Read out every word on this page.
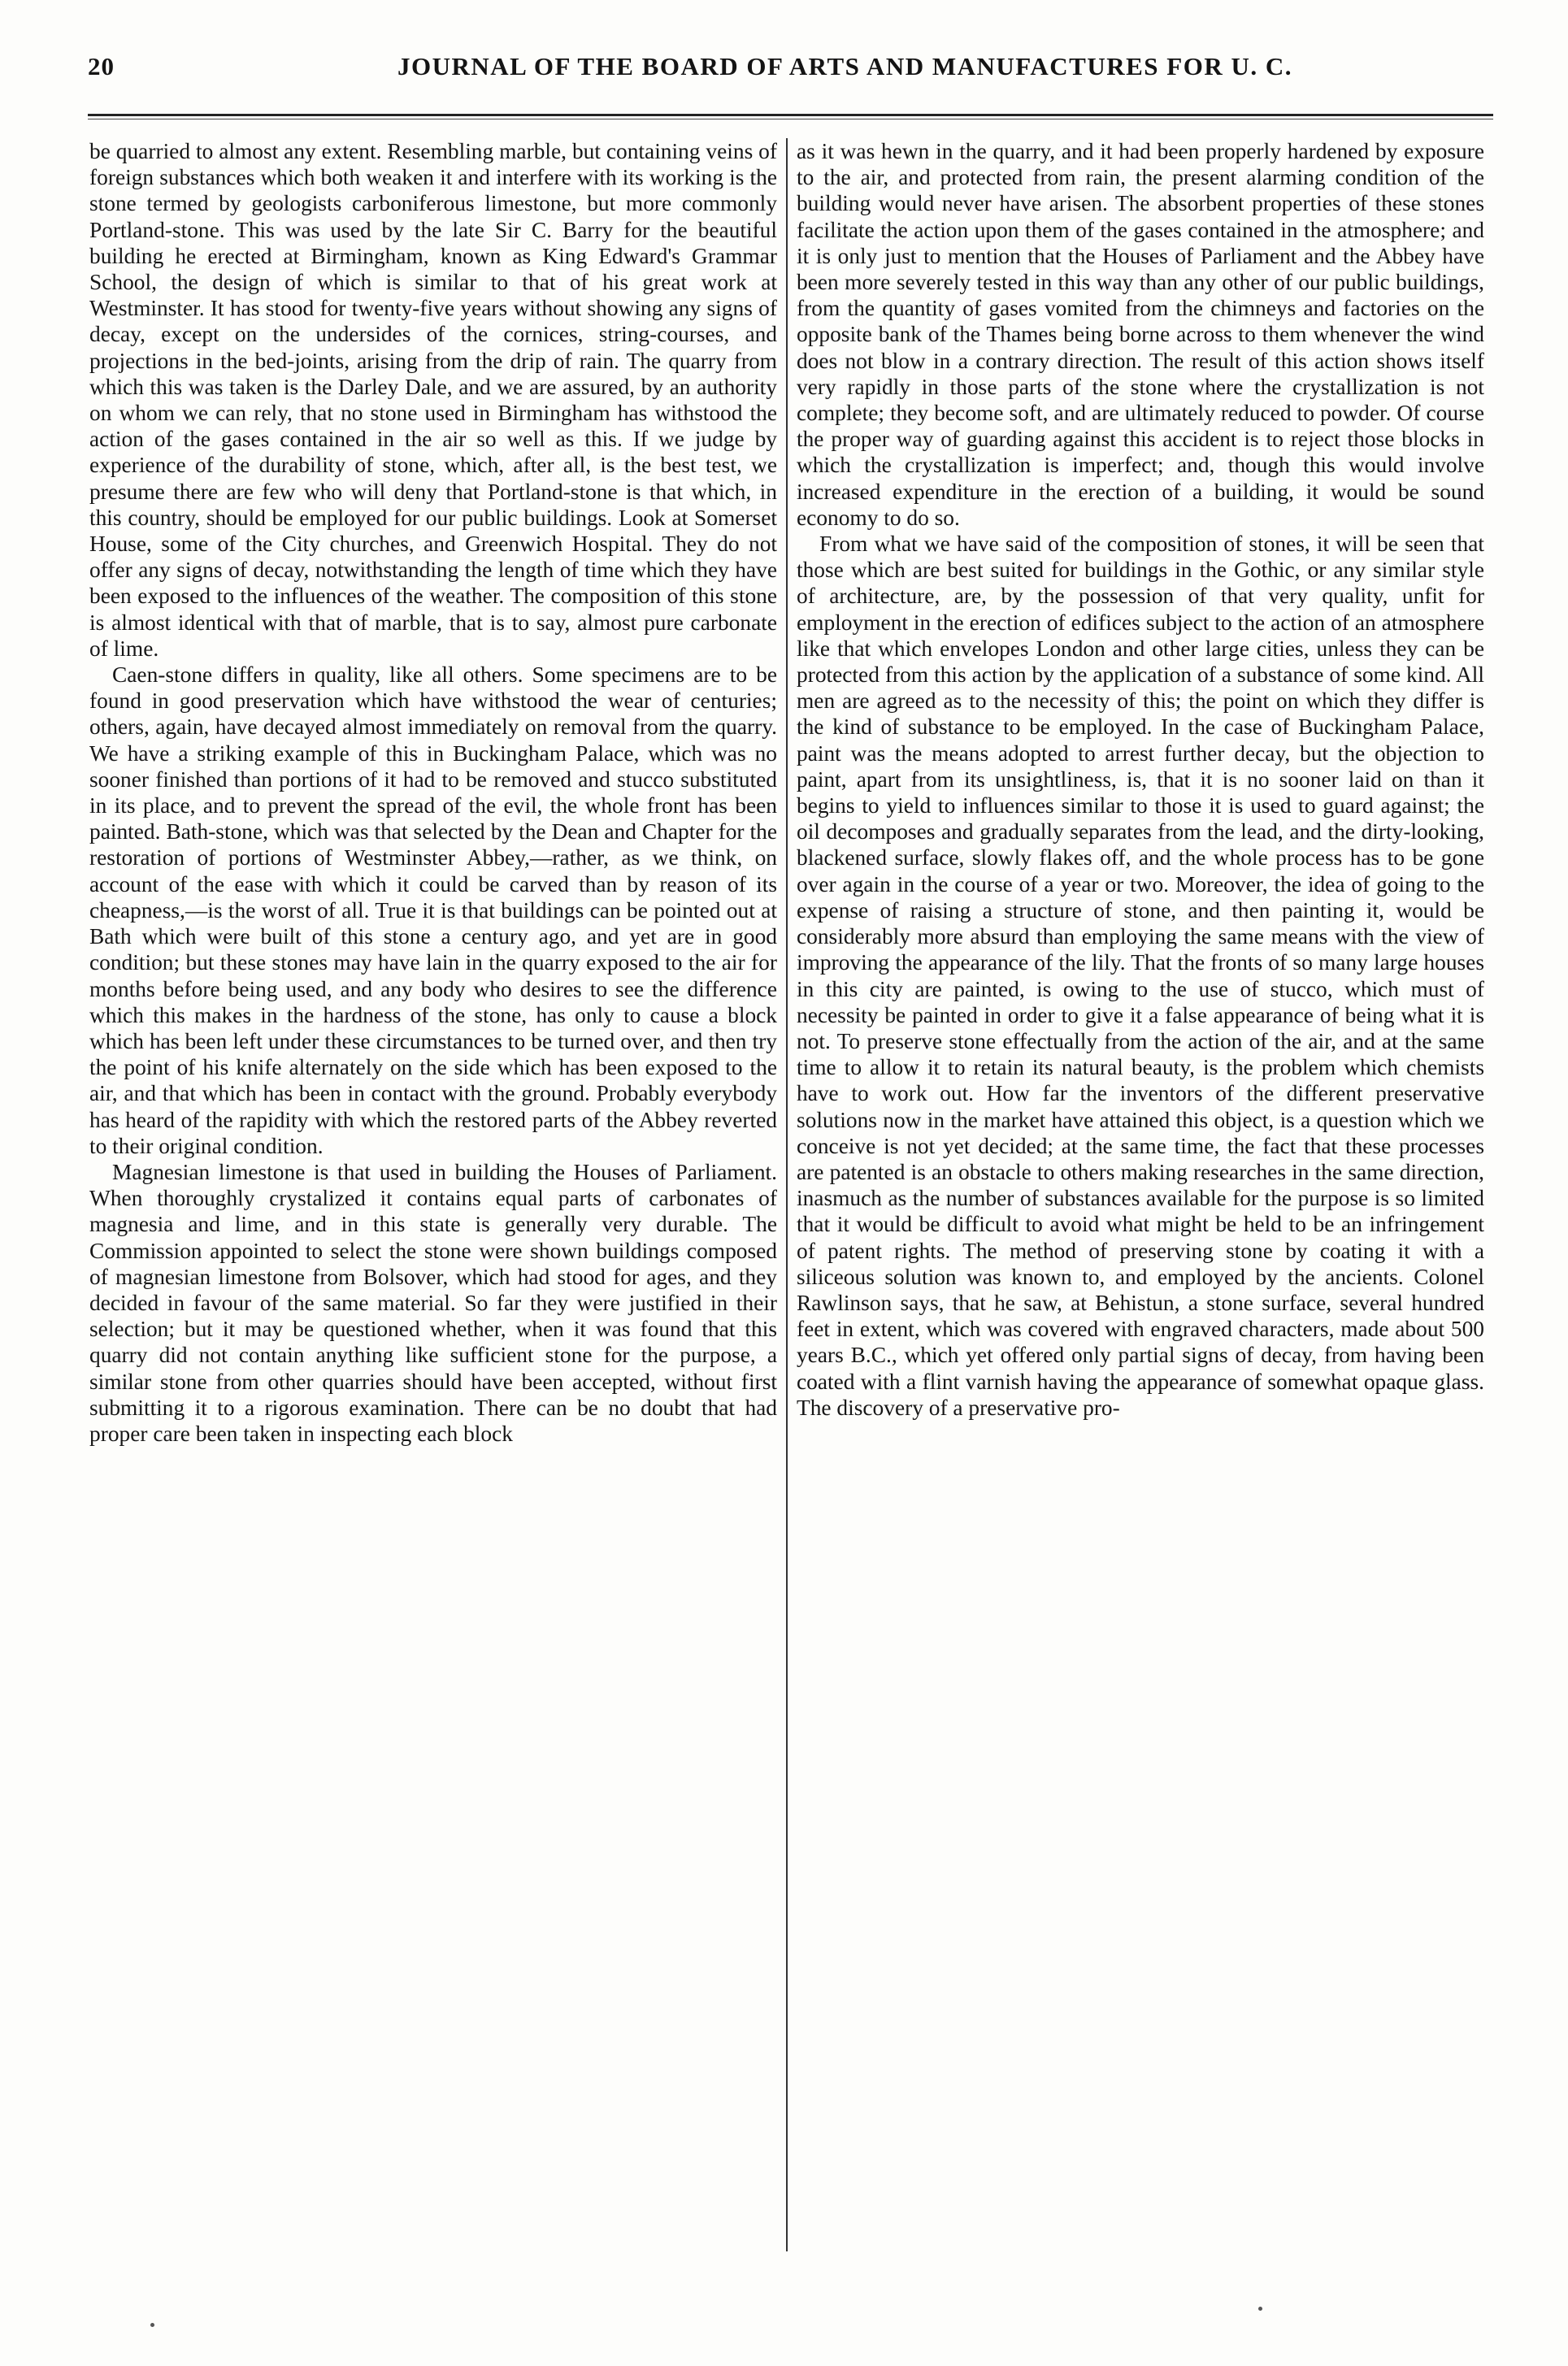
20	JOURNAL OF THE BOARD OF ARTS AND MANUFACTURES FOR U. C.

be quarried to almost any extent. Resembling marble, but containing veins of foreign substances which both weaken it and interfere with its working is the stone termed by geologists carboniferous limestone, but more commonly Portland-stone. This was used by the late Sir C. Barry for the beautiful building he erected at Birmingham, known as King Edward's Grammar School, the design of which is similar to that of his great work at Westminster. It has stood for twenty-five years without showing any signs of decay, except on the undersides of the cornices, string-courses, and projections in the bed-joints, arising from the drip of rain. The quarry from which this was taken is the Darley Dale, and we are assured, by an authority on whom we can rely, that no stone used in Birmingham has withstood the action of the gases contained in the air so well as this. If we judge by experience of the durability of stone, which, after all, is the best test, we presume there are few who will deny that Portland-stone is that which, in this country, should be employed for our public buildings. Look at Somerset House, some of the City churches, and Greenwich Hospital. They do not offer any signs of decay, notwithstanding the length of time which they have been exposed to the influences of the weather. The composition of this stone is almost identical with that of marble, that is to say, almost pure carbonate of lime.

Caen-stone differs in quality, like all others. Some specimens are to be found in good preservation which have withstood the wear of centuries; others, again, have decayed almost immediately on removal from the quarry. We have a striking example of this in Buckingham Palace, which was no sooner finished than portions of it had to be removed and stucco substituted in its place, and to prevent the spread of the evil, the whole front has been painted. Bath-stone, which was that selected by the Dean and Chapter for the restoration of portions of Westminster Abbey,—rather, as we think, on account of the ease with which it could be carved than by reason of its cheapness,—is the worst of all. True it is that buildings can be pointed out at Bath which were built of this stone a century ago, and yet are in good condition; but these stones may have lain in the quarry exposed to the air for months before being used, and any body who desires to see the difference which this makes in the hardness of the stone, has only to cause a block which has been left under these circumstances to be turned over, and then try the point of his knife alternately on the side which has been exposed to the air, and that which has been in contact with the ground. Probably everybody has heard of the rapidity with which the restored parts of the Abbey reverted to their original condition.

Magnesian limestone is that used in building the Houses of Parliament. When thoroughly crystalized it contains equal parts of carbonates of magnesia and lime, and in this state is generally very durable. The Commission appointed to select the stone were shown buildings composed of magnesian limestone from Bolsover, which had stood for ages, and they decided in favour of the same material. So far they were justified in their selection; but it may be questioned whether, when it was found that this quarry did not contain anything like sufficient stone for the purpose, a similar stone from other quarries should have been accepted, without first submitting it to a rigorous examination. There can be no doubt that had proper care been taken in inspecting each block

as it was hewn in the quarry, and it had been properly hardened by exposure to the air, and protected from rain, the present alarming condition of the building would never have arisen. The absorbent properties of these stones facilitate the action upon them of the gases contained in the atmosphere; and it is only just to mention that the Houses of Parliament and the Abbey have been more severely tested in this way than any other of our public buildings, from the quantity of gases vomited from the chimneys and factories on the opposite bank of the Thames being borne across to them whenever the wind does not blow in a contrary direction. The result of this action shows itself very rapidly in those parts of the stone where the crystallization is not complete; they become soft, and are ultimately reduced to powder. Of course the proper way of guarding against this accident is to reject those blocks in which the crystallization is imperfect; and, though this would involve increased expenditure in the erection of a building, it would be sound economy to do so.

From what we have said of the composition of stones, it will be seen that those which are best suited for buildings in the Gothic, or any similar style of architecture, are, by the possession of that very quality, unfit for employment in the erection of edifices subject to the action of an atmosphere like that which envelopes London and other large cities, unless they can be protected from this action by the application of a substance of some kind. All men are agreed as to the necessity of this; the point on which they differ is the kind of substance to be employed. In the case of Buckingham Palace, paint was the means adopted to arrest further decay, but the objection to paint, apart from its unsightliness, is, that it is no sooner laid on than it begins to yield to influences similar to those it is used to guard against; the oil decomposes and gradually separates from the lead, and the dirty-looking, blackened surface, slowly flakes off, and the whole process has to be gone over again in the course of a year or two. Moreover, the idea of going to the expense of raising a structure of stone, and then painting it, would be considerably more absurd than employing the same means with the view of improving the appearance of the lily. That the fronts of so many large houses in this city are painted, is owing to the use of stucco, which must of necessity be painted in order to give it a false appearance of being what it is not. To preserve stone effectually from the action of the air, and at the same time to allow it to retain its natural beauty, is the problem which chemists have to work out. How far the inventors of the different preservative solutions now in the market have attained this object, is a question which we conceive is not yet decided; at the same time, the fact that these processes are patented is an obstacle to others making researches in the same direction, inasmuch as the number of substances available for the purpose is so limited that it would be difficult to avoid what might be held to be an infringement of patent rights. The method of preserving stone by coating it with a siliceous solution was known to, and employed by the ancients. Colonel Rawlinson says, that he saw, at Behistun, a stone surface, several hundred feet in extent, which was covered with engraved characters, made about 500 years B.C., which yet offered only partial signs of decay, from having been coated with a flint varnish having the appearance of somewhat opaque glass. The discovery of a preservative pro-
